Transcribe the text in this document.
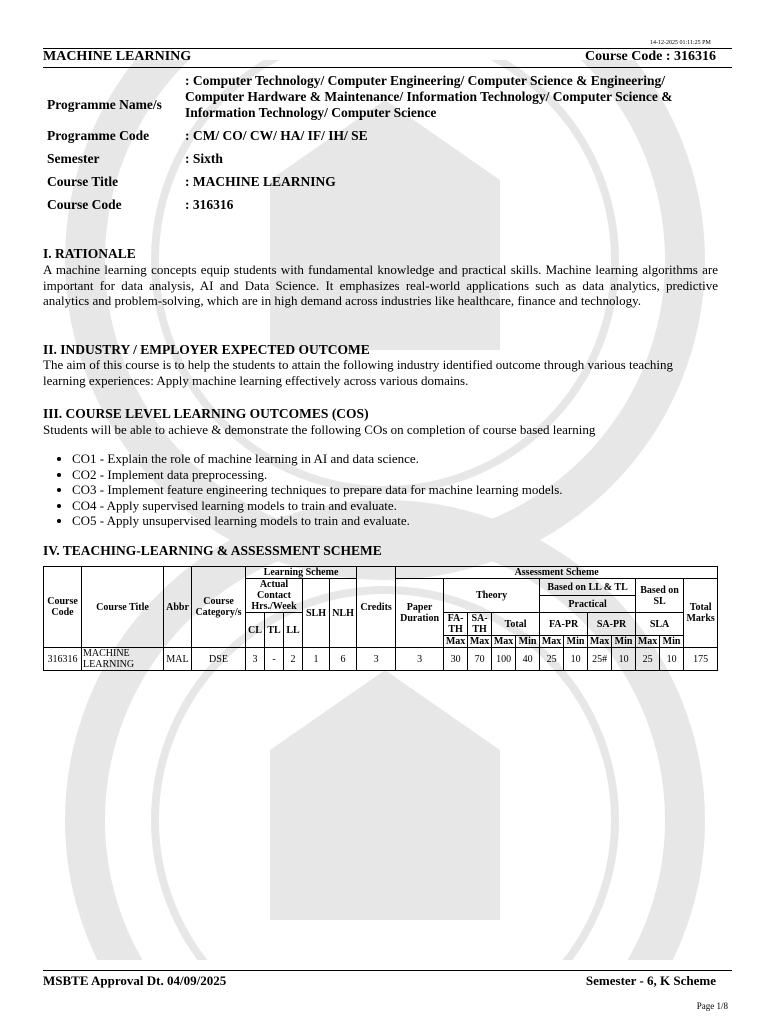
14-12-2025 01:11:25 PM
MACHINE LEARNING	Course Code : 316316
Programme Name/s	: Computer Technology/ Computer Engineering/ Computer Science & Engineering/ Computer Hardware & Maintenance/ Information Technology/ Computer Science & Information Technology/ Computer Science
Programme Code	: CM/ CO/ CW/ HA/ IF/ IH/ SE
Semester	: Sixth
Course Title	: MACHINE LEARNING
Course Code	: 316316
I. RATIONALE
A machine learning concepts equip students with fundamental knowledge and practical skills. Machine learning algorithms are important for data analysis, AI and Data Science. It emphasizes real-world applications such as data analytics, predictive analytics and problem-solving, which are in high demand across industries like healthcare, finance and technology.
II. INDUSTRY / EMPLOYER EXPECTED OUTCOME
The aim of this course is to help the students to attain the following industry identified outcome through various teaching learning experiences: Apply machine learning effectively across various domains.
III. COURSE LEVEL LEARNING OUTCOMES (COS)
Students will be able to achieve & demonstrate the following COs on completion of course based learning
• CO1 - Explain the role of machine learning in AI and data science.
• CO2 - Implement data preprocessing.
• CO3 - Implement feature engineering techniques to prepare data for machine learning models.
• CO4 - Apply supervised learning models to train and evaluate.
• CO5 - Apply unsupervised learning models to train and evaluate.
IV. TEACHING-LEARNING & ASSESSMENT SCHEME
Course Code	Course Title	Abbr	Course Category/s	Learning Scheme					Credits	Assessment Scheme											
				Actual Contact Hrs./Week			SLH	NLH		Paper Duration	Theory				Based on LL & TL				Based on SL		Total Marks
															Practical						
				CL	TL	LL					FA-TH	SA-TH	Total		FA-PR		SA-PR		SLA		
											Max	Max	Max	Min	Max	Min	Max	Min	Max	Min	
316316	MACHINE LEARNING	MAL	DSE	3	-	2	1	6	3	3	30	70	100	40	25	10	25#	10	25	10	175
MSBTE Approval Dt. 04/09/2025	Semester - 6, K Scheme
Page 1/8
